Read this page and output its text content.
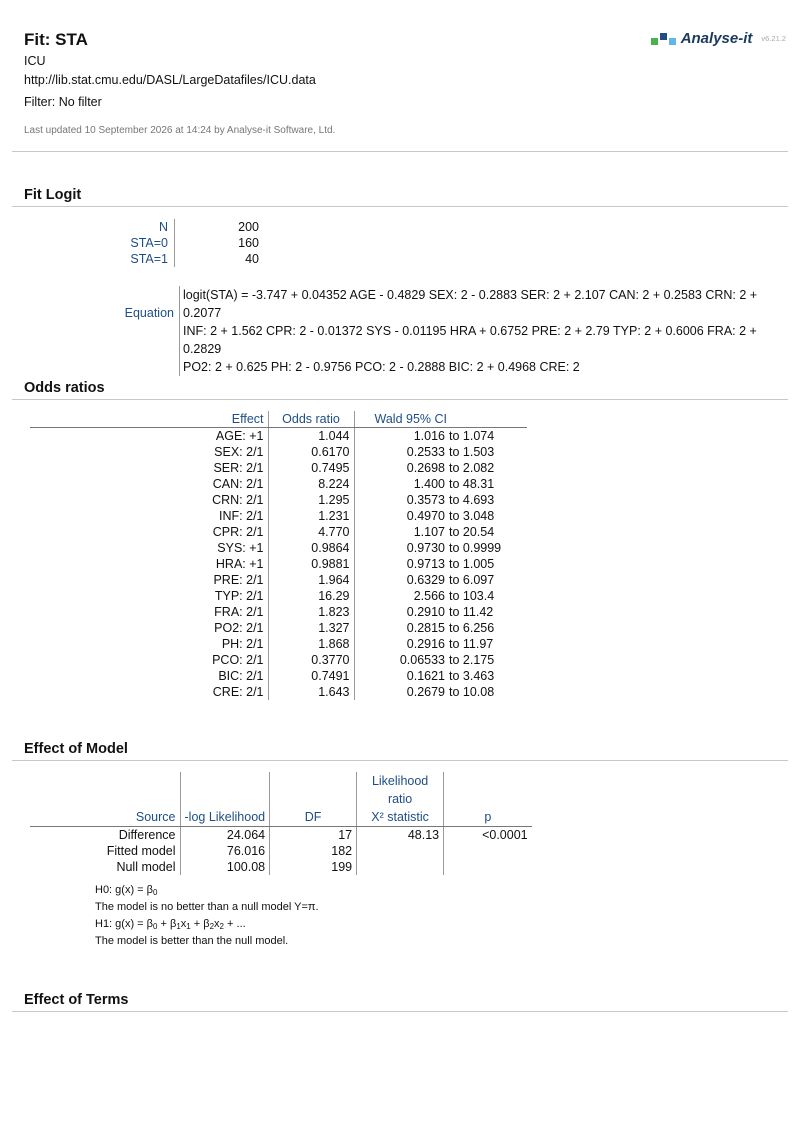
Fit: STA
ICU
http://lib.stat.cmu.edu/DASL/LargeDatafiles/ICU.data
Filter: No filter
Last updated 10 September 2026 at 14:24 by Analyse-it Software, Ltd.
Analyse-it v6.21.2
Fit Logit
N	200
STA=0	160
STA=1	40
Equation
logit(STA) = -3.747 + 0.04352 AGE - 0.4829 SEX: 2 - 0.2883 SER: 2 + 2.107 CAN: 2 + 0.2583 CRN: 2 + 0.2077
INF: 2 + 1.562 CPR: 2 - 0.01372 SYS - 0.01195 HRA + 0.6752 PRE: 2 + 2.79 TYP: 2 + 0.6006 FRA: 2 + 0.2829
PO2: 2 + 0.625 PH: 2 - 0.9756 PCO: 2 - 0.2888 BIC: 2 + 0.4968 CRE: 2
Odds ratios
Effect	Odds ratio	Wald 95% CI	
AGE: +1	1.044	1.016	to 1.074
SEX: 2/1	0.6170	0.2533	to 1.503
SER: 2/1	0.7495	0.2698	to 2.082
CAN: 2/1	8.224	1.400	to 48.31
CRN: 2/1	1.295	0.3573	to 4.693
INF: 2/1	1.231	0.4970	to 3.048
CPR: 2/1	4.770	1.107	to 20.54
SYS: +1	0.9864	0.9730	to 0.9999
HRA: +1	0.9881	0.9713	to 1.005
PRE: 2/1	1.964	0.6329	to 6.097
TYP: 2/1	16.29	2.566	to 103.4
FRA: 2/1	1.823	0.2910	to 11.42
PO2: 2/1	1.327	0.2815	to 6.256
PH: 2/1	1.868	0.2916	to 11.97
PCO: 2/1	0.3770	0.06533	to 2.175
BIC: 2/1	0.7491	0.1621	to 3.463
CRE: 2/1	1.643	0.2679	to 10.08
Effect of Model
Source	-log Likelihood	DF	Likelihood
ratio
X² statistic	p
Difference	24.064	17	48.13	<0.0001
Fitted model	76.016	182		
Null model	100.08	199		
H0: $g(x) = \beta_0$
The model is no better than a null model Y=π.
H1: $g(x) = \beta_0 + \beta_1x_1 + \beta_2x_2$ + ...
The model is better than the null model.
Effect of Terms
